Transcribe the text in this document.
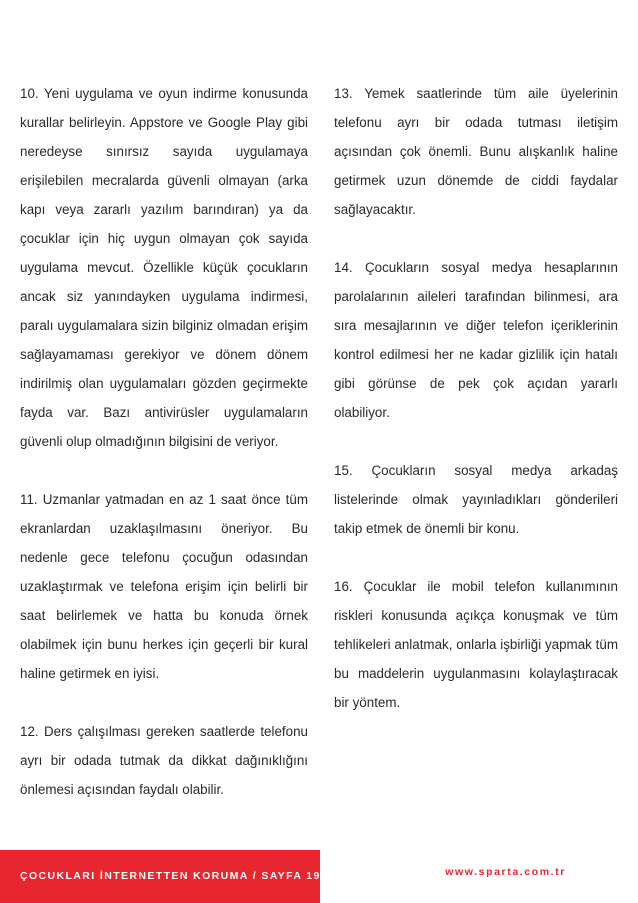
10. Yeni uygulama ve oyun indirme konusunda kurallar belirleyin. Appstore ve Google Play gibi neredeyse sınırsız sayıda uygulamaya erişilebilen mecralarda güvenli olmayan (arka kapı veya zararlı yazılım barındıran) ya da çocuklar için hiç uygun olmayan çok sayıda uygulama mevcut. Özellikle küçük çocukların ancak siz yanındayken uygulama indirmesi, paralı uygulamalara sizin bilginiz olmadan erişim sağlayamaması gerekiyor ve dönem dönem indirilmiş olan uygulamaları gözden geçirmekte fayda var. Bazı antivirüsler uygulamaların güvenli olup olmadığının bilgisini de veriyor.

11. Uzmanlar yatmadan en az 1 saat önce tüm ekranlardan uzaklaşılmasını öneriyor. Bu nedenle gece telefonu çocuğun odasından uzaklaştırmak ve telefona erişim için belirli bir saat belirlemek ve hatta bu konuda örnek olabilmek için bunu herkes için geçerli bir kural haline getirmek en iyisi.

12. Ders çalışılması gereken saatlerde telefonu ayrı bir odada tutmak da dikkat dağınıklığını önlemesi açısından faydalı olabilir.

13. Yemek saatlerinde tüm aile üyelerinin telefonu ayrı bir odada tutması iletişim açısından çok önemli. Bunu alışkanlık haline getirmek uzun dönemde de ciddi faydalar sağlayacaktır.

14. Çocukların sosyal medya hesaplarının parolalarının aileleri tarafından bilinmesi, ara sıra mesajlarının ve diğer telefon içeriklerinin kontrol edilmesi her ne kadar gizlilik için hatalı gibi görünse de pek çok açıdan yararlı olabiliyor.

15. Çocukların sosyal medya arkadaş listelerinde olmak yayınladıkları gönderileri takip etmek de önemli bir konu.

16. Çocuklar ile mobil telefon kullanımının riskleri konusunda açıkça konuşmak ve tüm tehlikeleri anlatmak, onlarla işbirliği yapmak tüm bu maddelerin uygulanmasını kolaylaştıracak bir yöntem.

ÇOCUKLARI İNTERNETTEN KORUMA / SAYFA 19	www.sparta.com.tr
